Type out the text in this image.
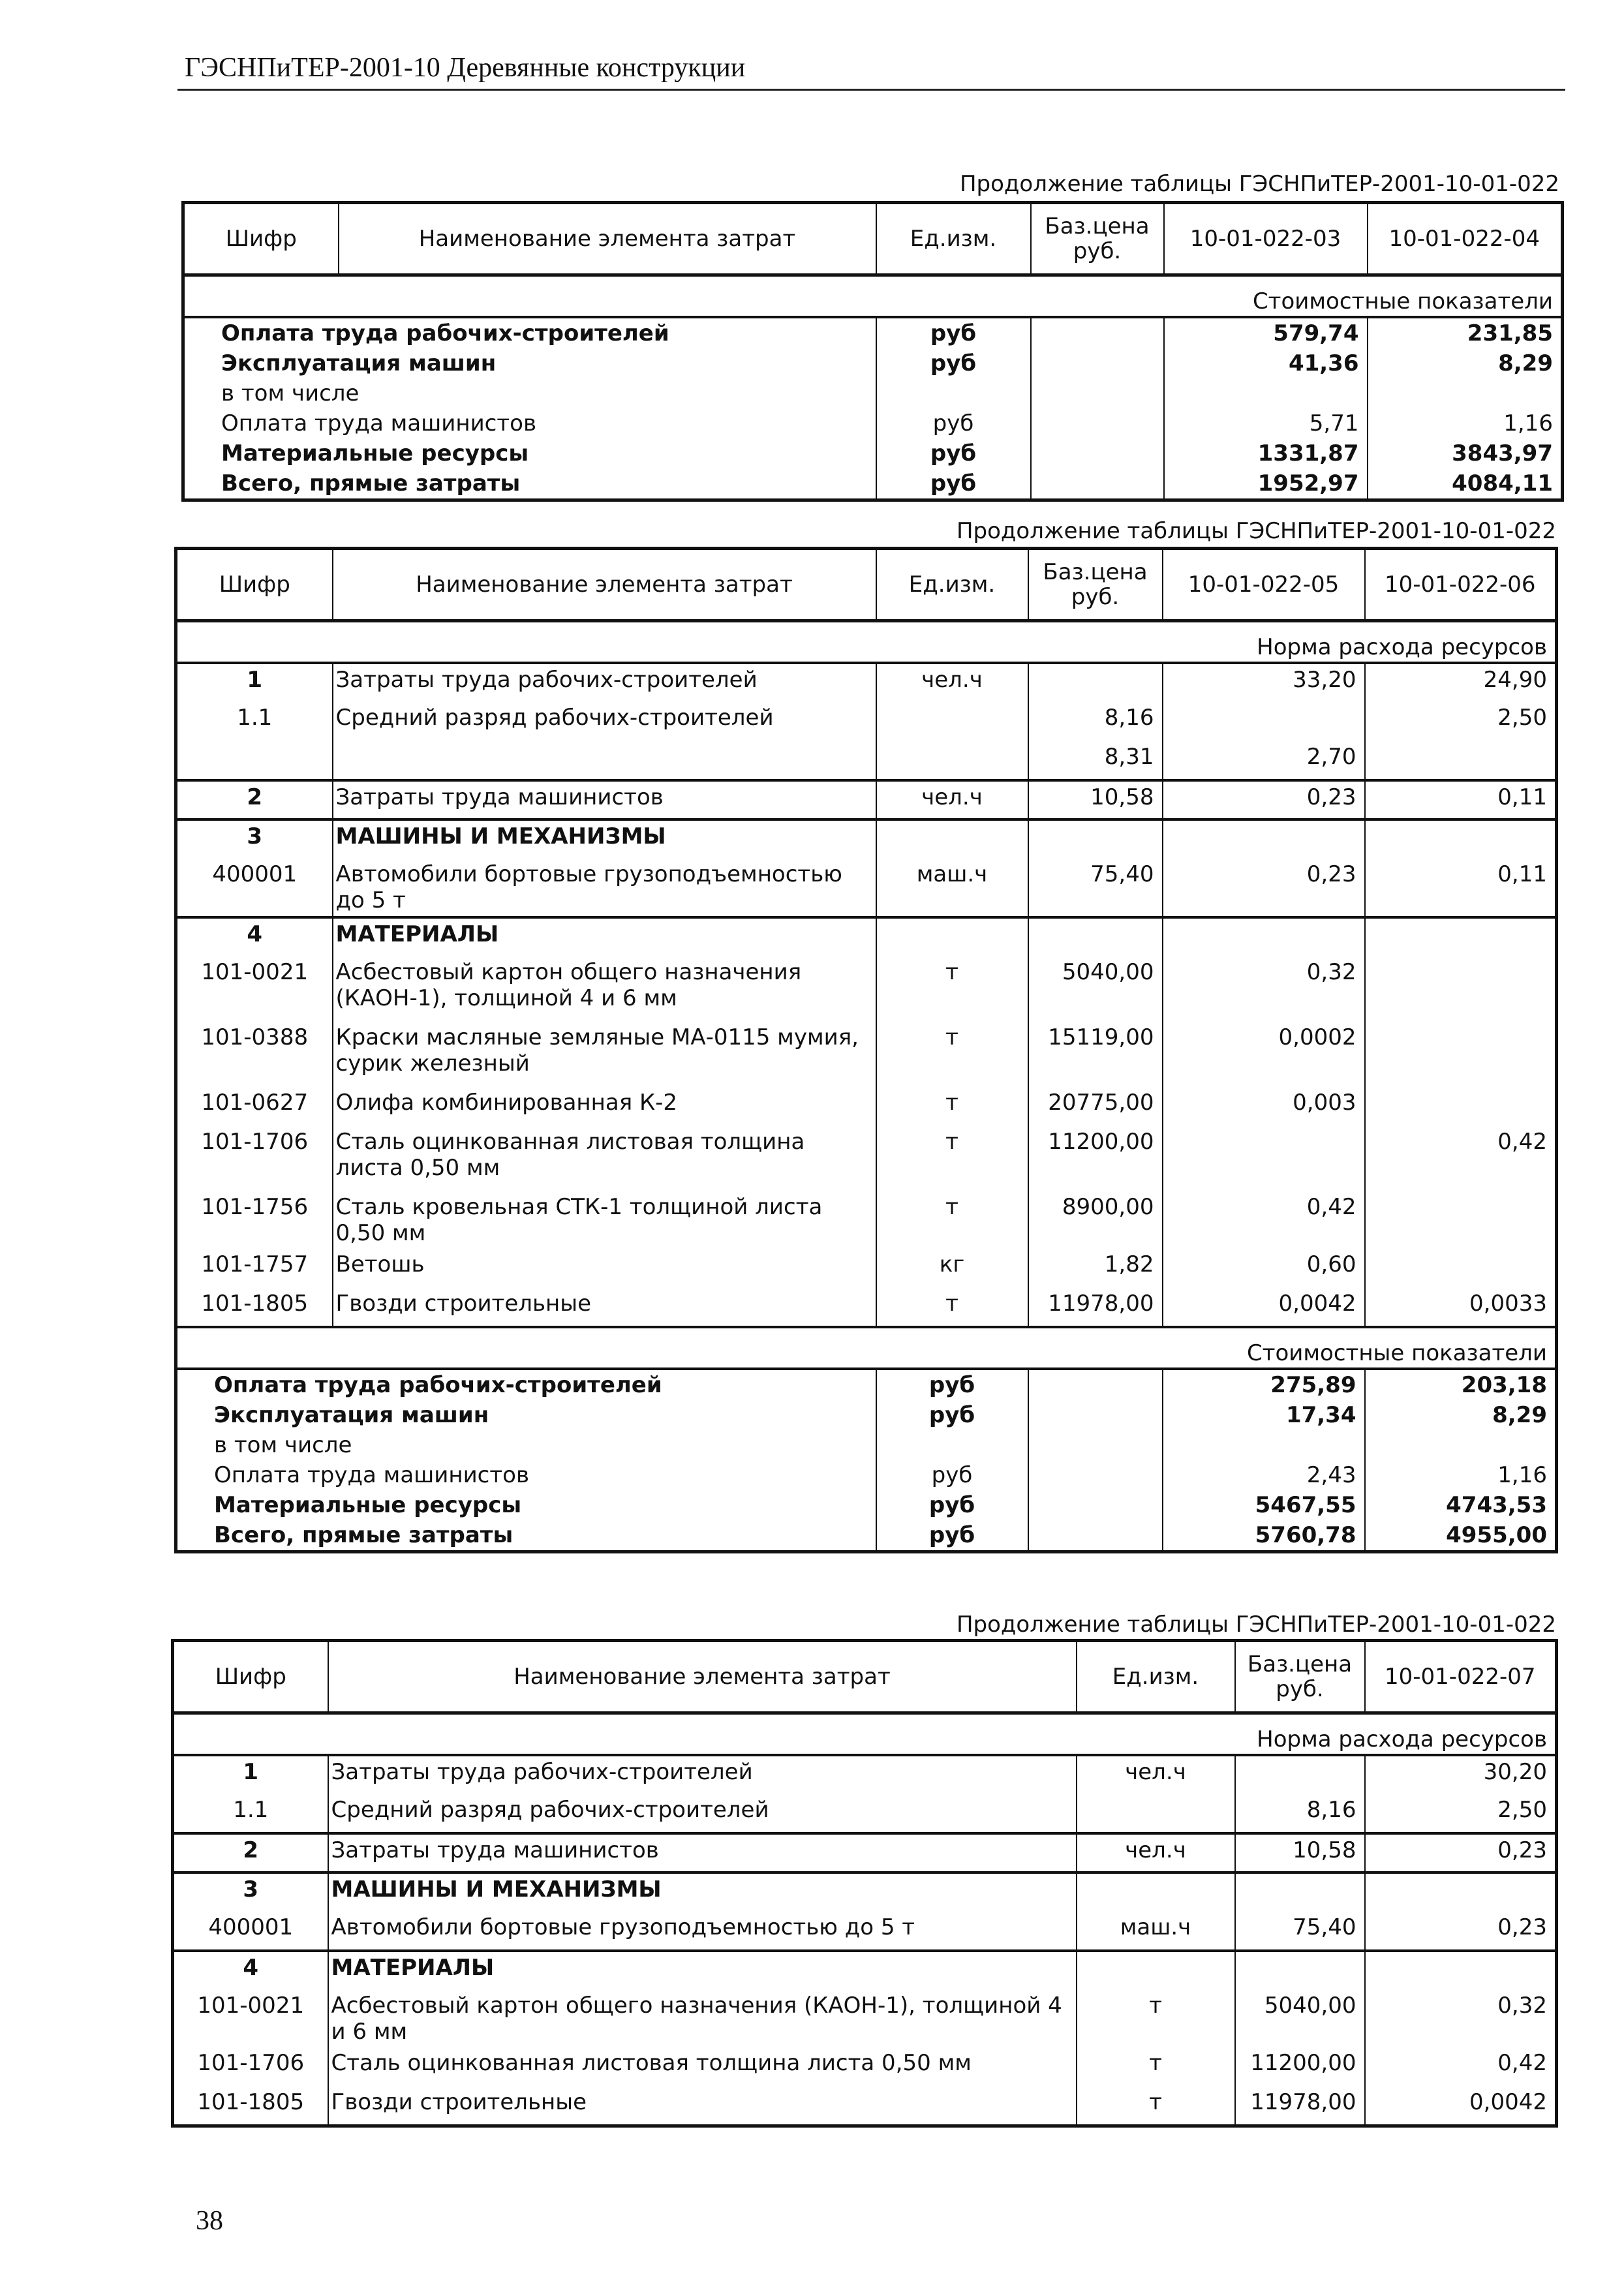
ГЭСНПиТЕР-2001-10 Деревянные конструкции
Продолжение таблицы ГЭСНПиТЕР-2001-10-01-022
Шифр	Наименование элемента затрат	Ед.изм.	Баз.цена руб.	10-01-022-03	10-01-022-04
Стоимостные показатели					
Оплата труда рабочих-строителей		руб		579,74	231,85
Эксплуатация машин		руб		41,36	8,29
в том числе					
Оплата труда машинистов		руб		5,71	1,16
Материальные ресурсы		руб		1331,87	3843,97
Всего, прямые затраты		руб		1952,97	4084,11
Продолжение таблицы ГЭСНПиТЕР-2001-10-01-022
Шифр	Наименование элемента затрат	Ед.изм.	Баз.цена руб.	10-01-022-05	10-01-022-06
Норма расхода ресурсов					
1	Затраты труда рабочих-строителей	чел.ч		33,20	24,90
1.1	Средний разряд рабочих-строителей		8,16		2,50
			8,31	2,70	
2	Затраты труда машинистов	чел.ч	10,58	0,23	0,11
3	МАШИНЫ И МЕХАНИЗМЫ				
400001	Автомобили бортовые грузоподъемностью до 5 т	маш.ч	75,40	0,23	0,11
4	МАТЕРИАЛЫ				
101-0021	Асбестовый картон общего назначения (КАОН-1), толщиной 4 и 6 мм	т	5040,00	0,32	
101-0388	Краски масляные земляные МА-0115 мумия, сурик железный	т	15119,00	0,0002	
101-0627	Олифа комбинированная К-2	т	20775,00	0,003	
101-1706	Сталь оцинкованная листовая толщина листа 0,50 мм	т	11200,00		0,42
101-1756	Сталь кровельная СТК-1 толщиной листа 0,50 мм	т	8900,00	0,42	
101-1757	Ветошь	кг	1,82	0,60	
101-1805	Гвозди строительные	т	11978,00	0,0042	0,0033
Стоимостные показатели					
Оплата труда рабочих-строителей		руб		275,89	203,18
Эксплуатация машин		руб		17,34	8,29
в том числе					
Оплата труда машинистов		руб		2,43	1,16
Материальные ресурсы		руб		5467,55	4743,53
Всего, прямые затраты		руб		5760,78	4955,00
Продолжение таблицы ГЭСНПиТЕР-2001-10-01-022
Шифр	Наименование элемента затрат	Ед.изм.	Баз.цена руб.	10-01-022-07
Норма расхода ресурсов				
1	Затраты труда рабочих-строителей	чел.ч		30,20
1.1	Средний разряд рабочих-строителей		8,16	2,50
2	Затраты труда машинистов	чел.ч	10,58	0,23
3	МАШИНЫ И МЕХАНИЗМЫ			
400001	Автомобили бортовые грузоподъемностью до 5 т	маш.ч	75,40	0,23
4	МАТЕРИАЛЫ			
101-0021	Асбестовый картон общего назначения (КАОН-1), толщиной 4 и 6 мм	т	5040,00	0,32
101-1706	Сталь оцинкованная листовая толщина листа 0,50 мм	т	11200,00	0,42
101-1805	Гвозди строительные	т	11978,00	0,0042
38
